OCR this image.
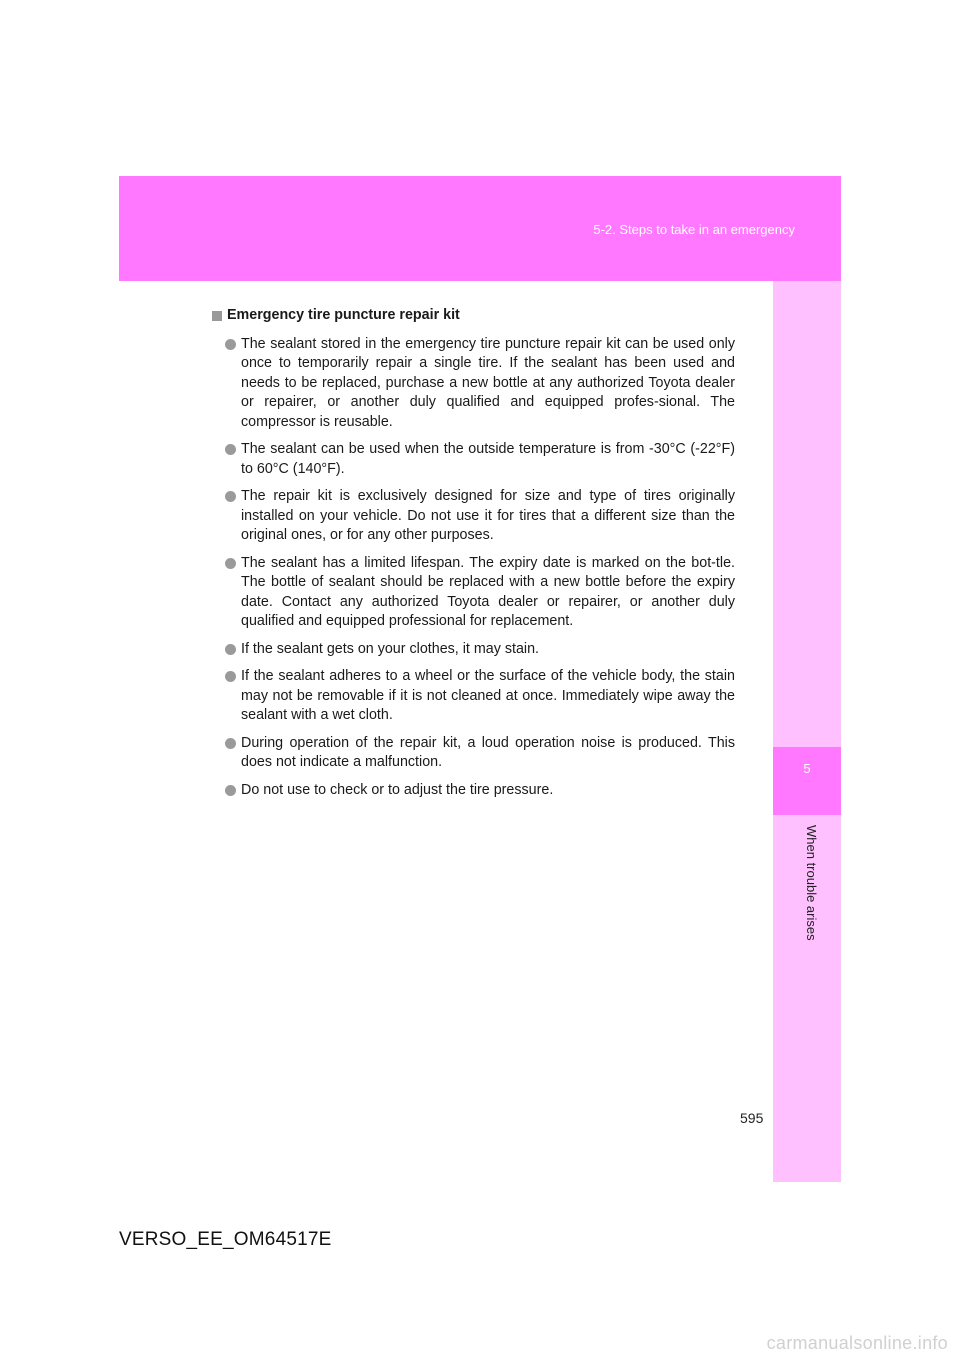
5-2. Steps to take in an emergency
5
When trouble arises
Emergency tire puncture repair kit
The sealant stored in the emergency tire puncture repair kit can be used only once to temporarily repair a single tire. If the sealant has been used and needs to be replaced, purchase a new bottle at any authorized Toyota dealer or repairer, or another duly qualified and equipped profes-sional. The compressor is reusable.
The sealant can be used when the outside temperature is from -30°C (-22°F) to 60°C (140°F).
The repair kit is exclusively designed for size and type of tires originally installed on your vehicle. Do not use it for tires that a different size than the original ones, or for any other purposes.
The sealant has a limited lifespan. The expiry date is marked on the bot-tle. The bottle of sealant should be replaced with a new bottle before the expiry date. Contact any authorized Toyota dealer or repairer, or another duly qualified and equipped professional for replacement.
If the sealant gets on your clothes, it may stain.
If the sealant adheres to a wheel or the surface of the vehicle body, the stain may not be removable if it is not cleaned at once. Immediately wipe away the sealant with a wet cloth.
During operation of the repair kit, a loud operation noise is produced. This does not indicate a malfunction.
Do not use to check or to adjust the tire pressure.
595
VERSO_EE_OM64517E
carmanualsonline.info
